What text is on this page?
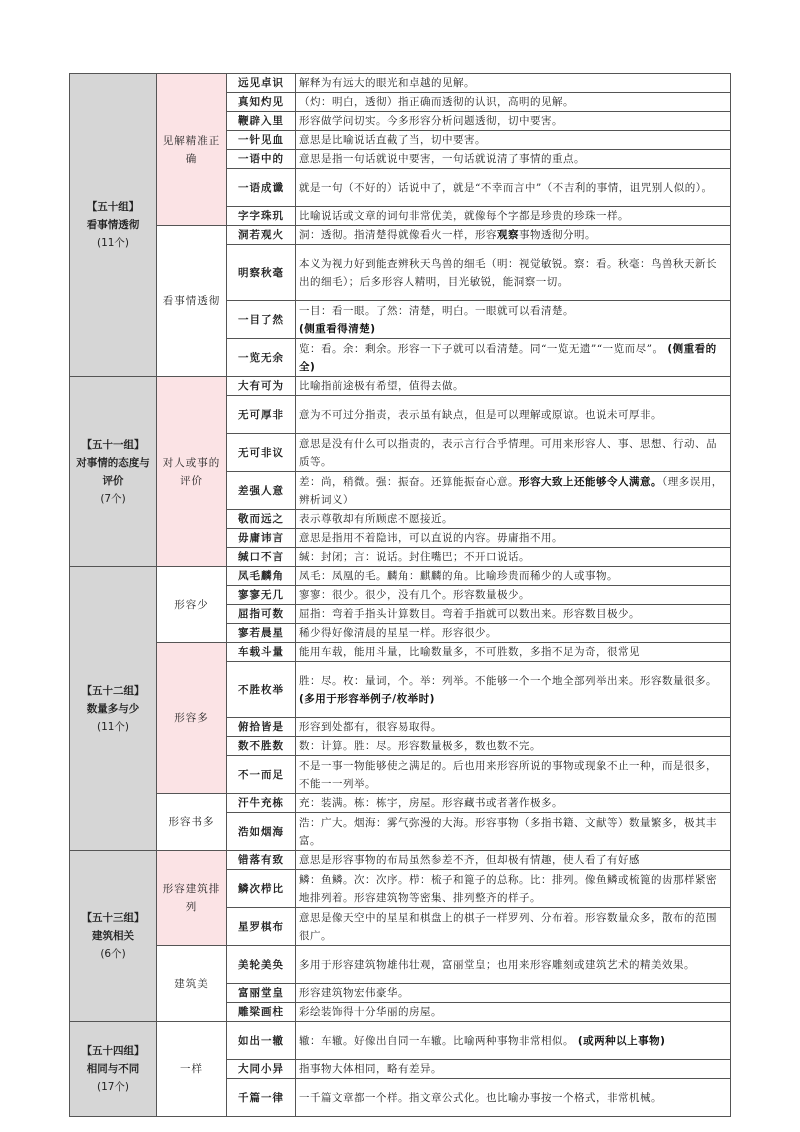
【五十组】
看事情透彻

(11个)	见解精准正确	远见卓识	解释为有远大的眼光和卓越的见解。
		真知灼见	（灼：明白，透彻）指正确而透彻的认识，高明的见解。
		鞭辟入里	形容做学问切实。今多形容分析问题透彻，切中要害。
		一针见血	意思是比喻说话直截了当，切中要害。
		一语中的	意思是指一句话就说中要害，一句话就说清了事情的重点。
		一语成谶	就是一句（不好的）话说中了，就是“不幸而言中”（不吉利的事情，诅咒别人似的）。
		字字珠玑	比喻说话或文章的词句非常优美，就像每个字都是珍贵的珍珠一样。
	看事情透彻	洞若观火	洞：透彻。指清楚得就像看火一样，形容观察事物透彻分明。
		明察秋毫	本义为视力好到能查辨秋天鸟兽的细毛（明：视觉敏锐。察：看。秋毫：鸟兽秋天新长出的细毛）；后多形容人精明，目光敏锐，能洞察一切。
		一目了然	一目：看一眼。了然：清楚，明白。一眼就可以看清楚。
(侧重看得清楚)
		一览无余	览：看。余：剩余。形容一下子就可以看清楚。同“一览无遗”“一览而尽”。 (侧重看的全)
【五十一组】
对事情的态度与评价

(7个)	对人或事的评价	大有可为	比喻指前途极有希望，值得去做。
		无可厚非	意为不可过分指责，表示虽有缺点，但是可以理解或原谅。也说未可厚非。
		无可非议	意思是没有什么可以指责的，表示言行合乎情理。可用来形容人、事、思想、行动、品质等。
		差强人意	差：尚，稍微。强：振奋。还算能振奋心意。形容大致上还能够令人满意。（理多误用，辨析词义）
		敬而远之	表示尊敬却有所顾虑不愿接近。
		毋庸讳言	意思是指用不着隐讳，可以直说的内容。毋庸指不用。
		缄口不言	缄：封闭；言：说话。封住嘴巴；不开口说话。
【五十二组】
数量多与少

(11个)	形容少	凤毛麟角	凤毛：凤凰的毛。麟角：麒麟的角。比喻珍贵而稀少的人或事物。
		寥寥无几	寥寥：很少。很少，没有几个。形容数量极少。
		屈指可数	屈指：弯着手指头计算数目。弯着手指就可以数出来。形容数目极少。
		寥若晨星	稀少得好像清晨的星星一样。形容很少。
	形容多	车载斗量	能用车载，能用斗量，比喻数量多，不可胜数，多指不足为奇，很常见
		不胜枚举	胜：尽。枚：量词，个。举：列举。不能够一个一个地全部列举出来。形容数量很多。 (多用于形容举例子/枚举时)
		俯拾皆是	形容到处都有，很容易取得。
		数不胜数	数：计算。胜：尽。形容数量极多，数也数不完。
		不一而足	不是一事一物能够使之满足的。后也用来形容所说的事物或现象不止一种，而是很多，不能一一列举。
	形容书多	汗牛充栋	充：装满。栋：栋宇，房屋。形容藏书或者著作极多。
		浩如烟海	浩：广大。烟海：雾气弥漫的大海。形容事物（多指书籍、文献等）数量繁多，极其丰富。
【五十三组】
建筑相关

(6个)	形容建筑排列	错落有致	意思是形容事物的布局虽然参差不齐，但却极有情趣，使人看了有好感
		鳞次栉比	鳞：鱼鳞。次：次序。栉：梳子和篦子的总称。比：排列。像鱼鳞或梳篦的齿那样紧密地排列着。形容建筑物等密集、排列整齐的样子。
		星罗棋布	意思是像天空中的星星和棋盘上的棋子一样罗列、分布着。形容数量众多，散布的范围很广。
	建筑美	美轮美奂	多用于形容建筑物雄伟壮观，富丽堂皇；也用来形容雕刻或建筑艺术的精美效果。
		富丽堂皇	形容建筑物宏伟豪华。
		雕梁画柱	彩绘装饰得十分华丽的房屋。
【五十四组】
相同与不同

(17个)	一样	如出一辙	辙：车辙。好像出自同一车辙。比喻两种事物非常相似。 (或两种以上事物)
		大同小异	指事物大体相同，略有差异。
		千篇一律	一千篇文章都一个样。指文章公式化。也比喻办事按一个格式，非常机械。
